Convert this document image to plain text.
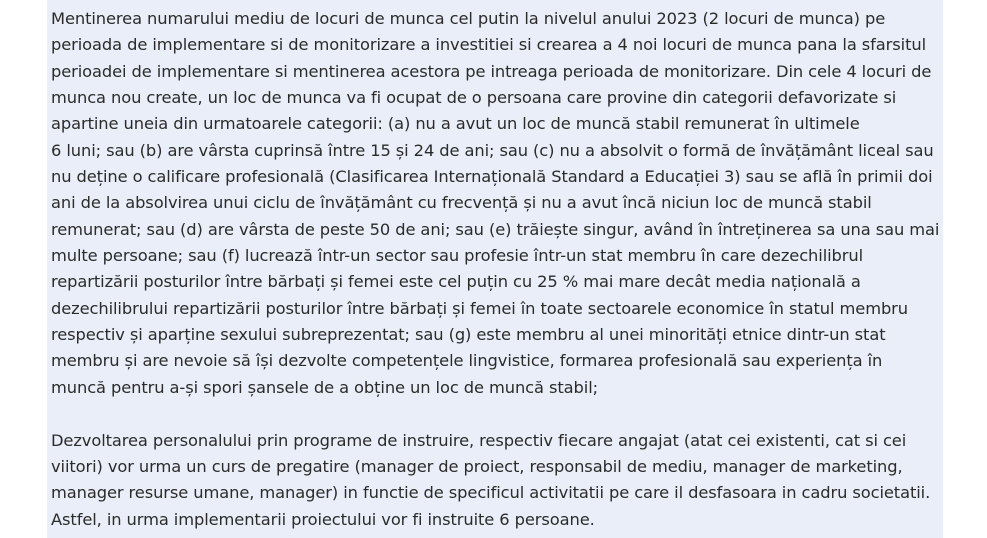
Mentinerea numarului mediu de locuri de munca cel putin la nivelul anului 2023 (2 locuri de munca) pe
perioada de implementare si de monitorizare a investitiei si crearea a 4 noi locuri de munca pana la sfarsitul
perioadei de implementare si mentinerea acestora pe intreaga perioada de monitorizare. Din cele 4 locuri de
munca nou create, un loc de munca va fi ocupat de o persoana care provine din categorii defavorizate si
apartine uneia din urmatoarele categorii: (a) nu a avut un loc de muncă stabil remunerat în ultimele
6 luni; sau (b) are vârsta cuprinsă între 15 și 24 de ani; sau (c) nu a absolvit o formă de învățământ liceal sau
nu deține o calificare profesională (Clasificarea Internațională Standard a Educației 3) sau se află în primii doi
ani de la absolvirea unui ciclu de învățământ cu frecvență și nu a avut încă niciun loc de muncă stabil
remunerat; sau (d) are vârsta de peste 50 de ani; sau (e) trăiește singur, având în întreținerea sa una sau mai
multe persoane; sau (f) lucrează într-un sector sau profesie într-un stat membru în care dezechilibrul
repartizării posturilor între bărbați și femei este cel puțin cu 25 % mai mare decât media națională a
dezechilibrului repartizării posturilor între bărbați și femei în toate sectoarele economice în statul membru
respectiv și aparține sexului subreprezentat; sau (g) este membru al unei minorități etnice dintr-un stat
membru și are nevoie să își dezvolte competențele lingvistice, formarea profesională sau experiența în
muncă pentru a-și spori șansele de a obține un loc de muncă stabil;

Dezvoltarea personalului prin programe de instruire, respectiv fiecare angajat (atat cei existenti, cat si cei
viitori) vor urma un curs de pregatire (manager de proiect, responsabil de mediu, manager de marketing,
manager resurse umane, manager) in functie de specificul activitatii pe care il desfasoara in cadru societatii.
Astfel, in urma implementarii proiectului vor fi instruite 6 persoane.
